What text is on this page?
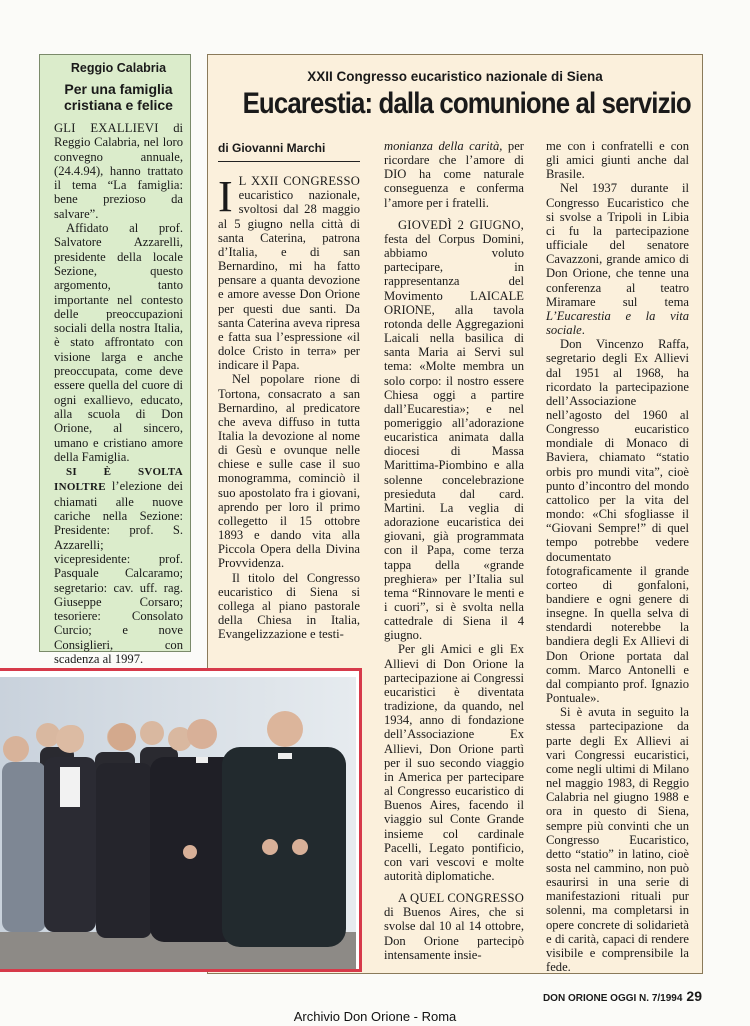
Reggio Calabria
Per una famiglia cristiana e felice

GLI EXALLIEVI di Reggio Calabria, nel loro convegno annuale, (24.4.94), hanno trattato il tema “La famiglia: bene prezioso da salvare”.

Affidato al prof. Salvatore Azzarelli, presidente della locale Sezione, questo argomento, tanto importante nel contesto delle preoccupazioni sociali della nostra Italia, è stato affrontato con visione larga e anche preoccupata, come deve essere quella del cuore di ogni exallievo, educato, alla scuola di Don Orione, al sincero, umano e cristiano amore della Famiglia.

SI È SVOLTA INOLTRE l’elezione dei chiamati alle nuove cariche nella Sezione: Presidente: prof. S. Azzarelli; vicepresidente: prof. Pasquale Calcaramo; segretario: cav. uff. rag. Giuseppe Corsaro; tesoriere: Consolato Curcio; e nove Consiglieri, con scadenza al 1997.

XXII Congresso eucaristico nazionale di Siena
Eucarestia: dalla comunione al servizio

di Giovanni Marchi

I L XXII CONGRESSO eucaristico nazionale, svoltosi dal 28 maggio al 5 giugno nella città di santa Caterina, patrona d’Italia, e di san Bernardino, mi ha fatto pensare a quanta devozione e amore avesse Don Orione per questi due santi. Da santa Caterina aveva ripresa e fatta sua l’espressione «il dolce Cristo in terra» per indicare il Papa.

Nel popolare rione di Tortona, consacrato a san Bernardino, al predicatore che aveva diffuso in tutta Italia la devozione al nome di Gesù e ovunque nelle chiese e sulle case il suo monogramma, cominciò il suo apostolato fra i giovani, aprendo per loro il primo collegetto il 15 ottobre 1893 e dando vita alla Piccola Opera della Divina Provvidenza.

Il titolo del Congresso eucaristico di Siena si collega al piano pastorale della Chiesa in Italia, Evangelizzazione e testi-

monianza della carità, per ricordare che l’amore di DIO ha come naturale conseguenza e conferma l’amore per i fratelli.

GIOVEDÌ 2 GIUGNO, festa del Corpus Domini, abbiamo voluto partecipare, in rappresentanza del Movimento LAICALE ORIONE, alla tavola rotonda delle Aggregazioni Laicali nella basilica di santa Maria ai Servi sul tema: «Molte membra un solo corpo: il nostro essere Chiesa oggi a partire dall’Eucarestia»; e nel pomeriggio all’adorazione eucaristica animata dalla diocesi di Massa Marittima-Piombino e alla solenne concelebrazione presieduta dal card. Martini. La veglia di adorazione eucaristica dei giovani, già programmata con il Papa, come terza tappa della «grande preghiera» per l’Italia sul tema “Rinnovare le menti e i cuori”, si è svolta nella cattedrale di Siena il 4 giugno.

Per gli Amici e gli Ex Allievi di Don Orione la partecipazione ai Congressi eucaristici è diventata tradizione, da quando, nel 1934, anno di fondazione dell’Associazione Ex Allievi, Don Orione partì per il suo secondo viaggio in America per partecipare al Congresso eucaristico di Buenos Aires, facendo il viaggio sul Conte Grande insieme col cardinale Pacelli, Legato pontificio, con vari vescovi e molte autorità diplomatiche.

A QUEL CONGRESSO di Buenos Aires, che si svolse dal 10 al 14 ottobre, Don Orione partecipò intensamente insie-

me con i confratelli e con gli amici giunti anche dal Brasile.

Nel 1937 durante il Congresso Eucaristico che si svolse a Tripoli in Libia ci fu la partecipazione ufficiale del senatore Cavazzoni, grande amico di Don Orione, che tenne una conferenza al teatro Miramare sul tema L’Eucarestia e la vita sociale.

Don Vincenzo Raffa, segretario degli Ex Allievi dal 1951 al 1968, ha ricordato la partecipazione dell’Associazione nell’agosto del 1960 al Congresso eucaristico mondiale di Monaco di Baviera, chiamato “statio orbis pro mundi vita”, cioè punto d’incontro del mondo cattolico per la vita del mondo: «Chi sfogliasse il “Giovani Sempre!” di quel tempo potrebbe vedere documentato fotograficamente il grande corteo di gonfaloni, bandiere e ogni genere di insegne. In quella selva di stendardi noterebbe la bandiera degli Ex Allievi di Don Orione portata dal comm. Marco Antonelli e dal compianto prof. Ignazio Pontuale».

Si è avuta in seguito la stessa partecipazione da parte degli Ex Allievi ai vari Congressi eucaristici, come negli ultimi di Milano nel maggio 1983, di Reggio Calabria nel giugno 1988 e ora in questo di Siena, sempre più convinti che un Congresso Eucaristico, detto “statio” in latino, cioè sosta nel cammino, non può esaurirsi in una serie di manifestazioni rituali pur solenni, ma completarsi in opere concrete di solidarietà e di carità, capaci di rendere visibile e comprensibile la fede.

DON ORIONE OGGI N. 7/1994 29
Archivio Don Orione - Roma
